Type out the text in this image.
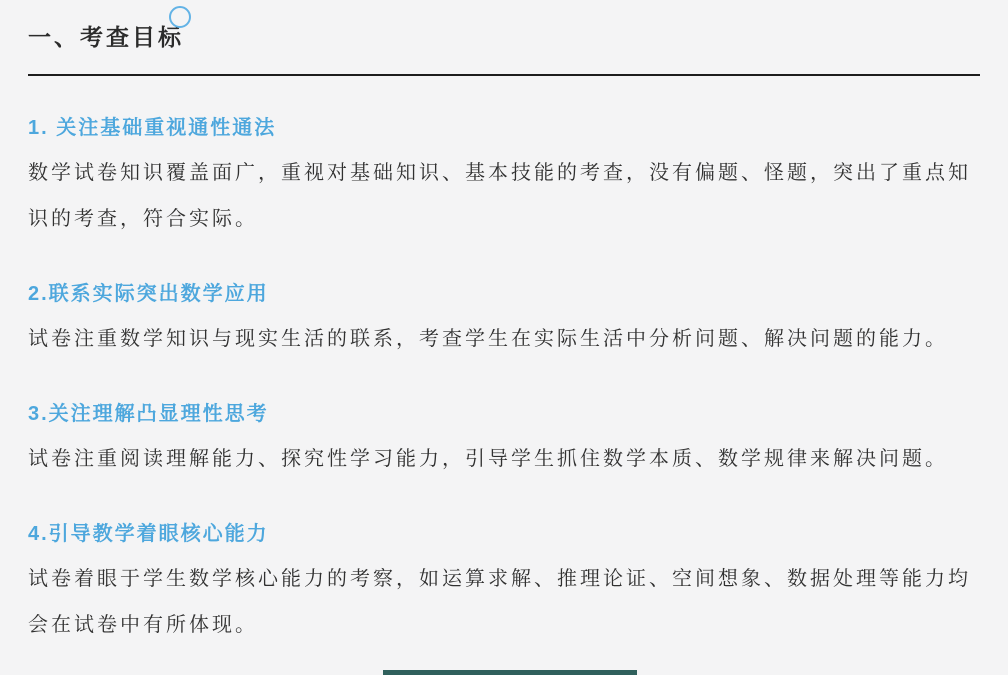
一、考查目标
1. 关注基础重视通性通法

数学试卷知识覆盖面广，重视对基础知识、基本技能的考查，没有偏题、怪题，突出了重点知识的考查，符合实际。

2.联系实际突出数学应用

试卷注重数学知识与现实生活的联系，考查学生在实际生活中分析问题、解决问题的能力。

3.关注理解凸显理性思考

试卷注重阅读理解能力、探究性学习能力，引导学生抓住数学本质、数学规律来解决问题。

4.引导教学着眼核心能力

试卷着眼于学生数学核心能力的考察，如运算求解、推理论证、空间想象、数据处理等能力均会在试卷中有所体现。
